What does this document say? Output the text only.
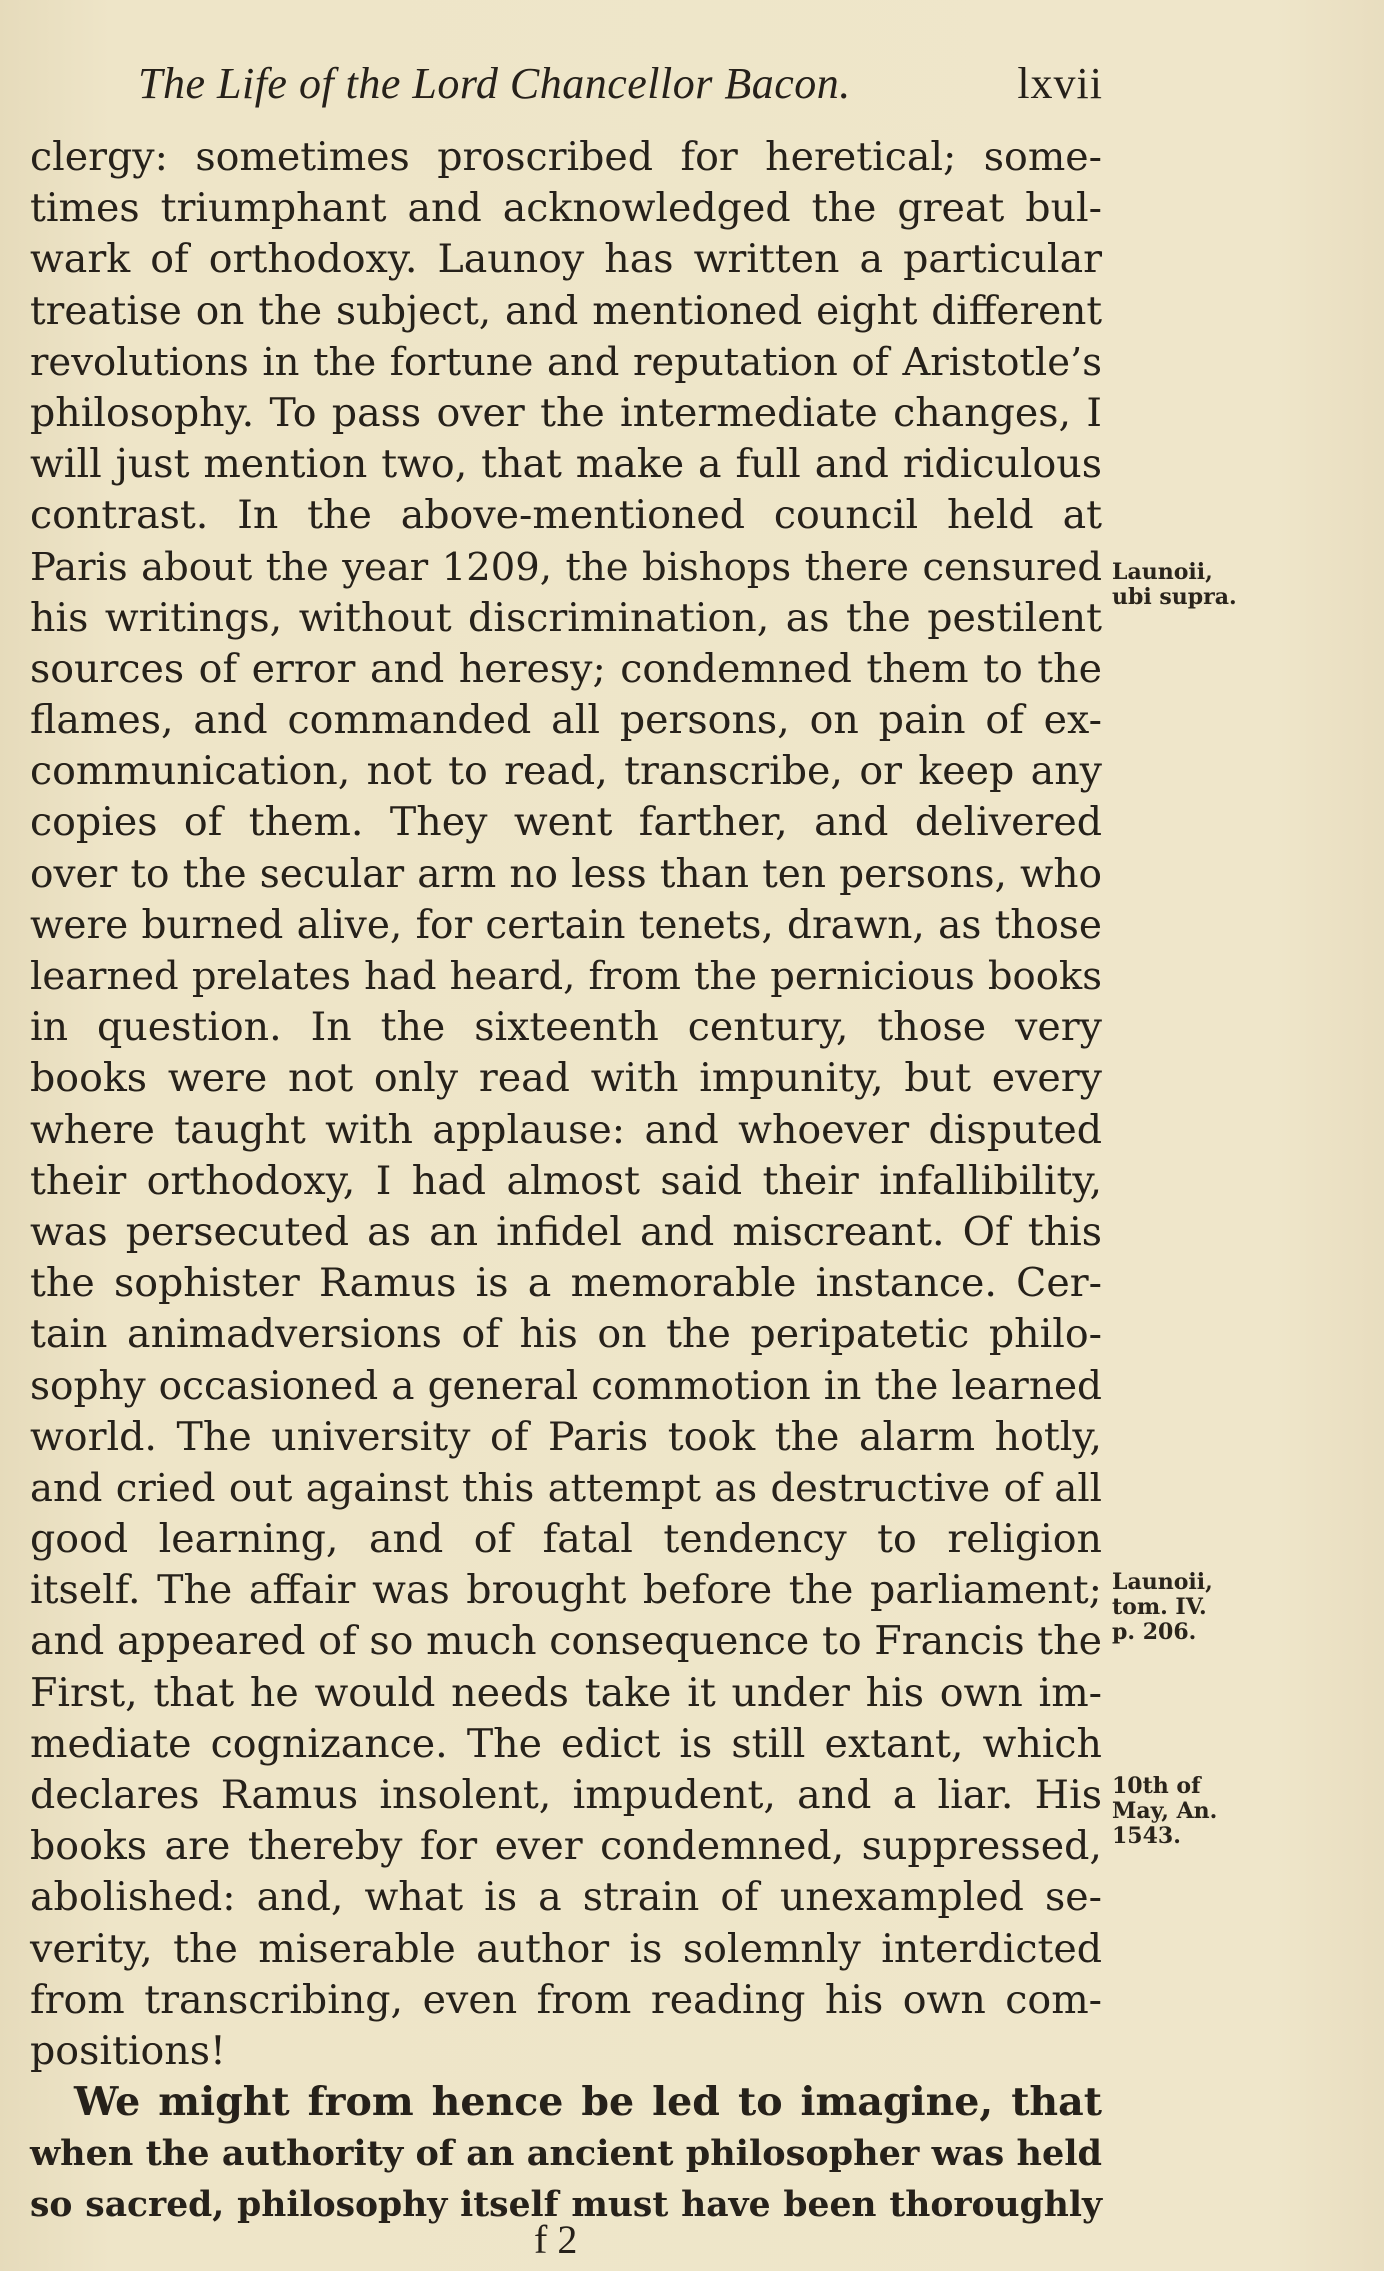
The Life of the Lord Chancellor Bacon.	lxvii
clergy: sometimes proscribed for heretical; some-
times triumphant and acknowledged the great bul-
wark of orthodoxy. Launoy has written a particular
treatise on the subject, and mentioned eight different
revolutions in the fortune and reputation of Aristotle’s
philosophy. To pass over the intermediate changes, I
will just mention two, that make a full and ridiculous
contrast. In the above-mentioned council held at
Paris about the year 1209, the bishops there censured
his writings, without discrimination, as the pestilent
sources of error and heresy; condemned them to the
flames, and commanded all persons, on pain of ex-
communication, not to read, transcribe, or keep any
copies of them. They went farther, and delivered
over to the secular arm no less than ten persons, who
were burned alive, for certain tenets, drawn, as those
learned prelates had heard, from the pernicious books
in question. In the sixteenth century, those very
books were not only read with impunity, but every
where taught with applause: and whoever disputed
their orthodoxy, I had almost said their infallibility,
was persecuted as an infidel and miscreant. Of this
the sophister Ramus is a memorable instance. Cer-
tain animadversions of his on the peripatetic philo-
sophy occasioned a general commotion in the learned
world. The university of Paris took the alarm hotly,
and cried out against this attempt as destructive of all
good learning, and of fatal tendency to religion
itself. The affair was brought before the parliament;
and appeared of so much consequence to Francis the
First, that he would needs take it under his own im-
mediate cognizance. The edict is still extant, which
declares Ramus insolent, impudent, and a liar. His
books are thereby for ever condemned, suppressed,
abolished: and, what is a strain of unexampled se-
verity, the miserable author is solemnly interdicted
from transcribing, even from reading his own com-
positions!
We might from hence be led to imagine, that
when the authority of an ancient philosopher was held
so sacred, philosophy itself must have been thoroughly
Launoii,
ubi supra.
Launoii,
tom. IV.
p. 206.
10th of
May, An.
1543.
f 2
